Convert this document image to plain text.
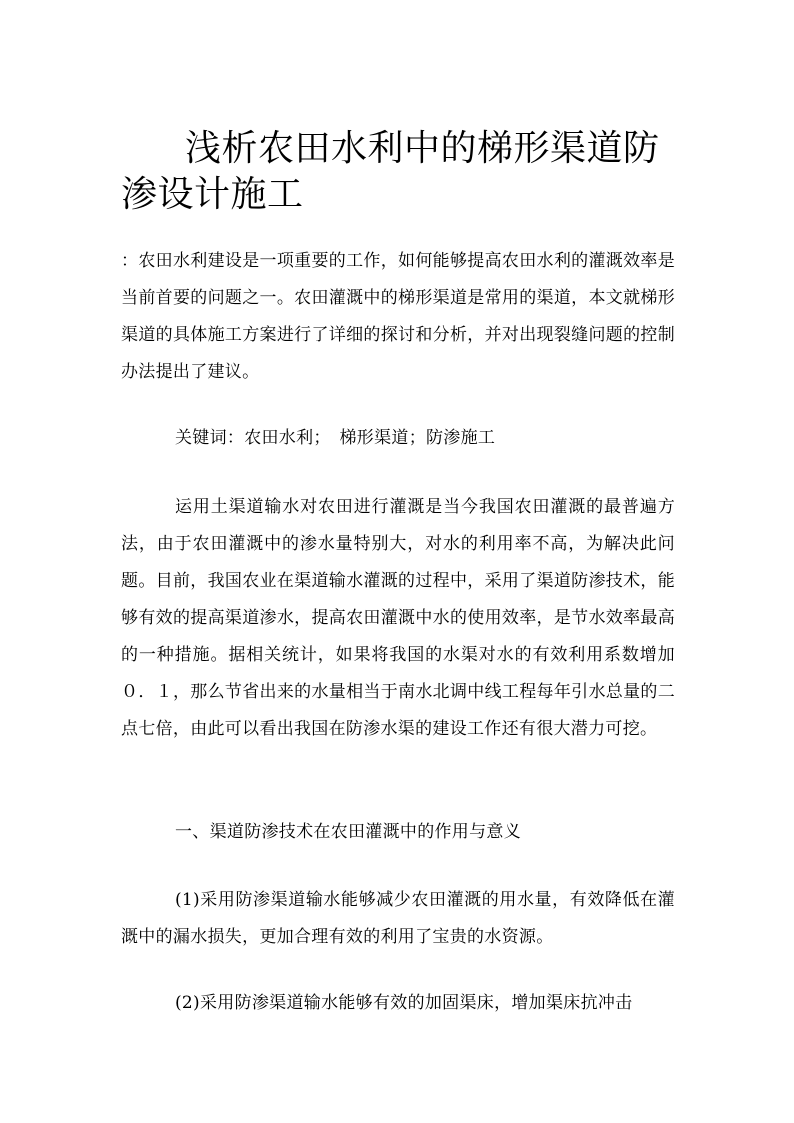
浅析农田水利中的梯形渠道防渗设计施工

：农田水利建设是一项重要的工作，如何能够提高农田水利的灌溉效率是当前首要的问题之一。农田灌溉中的梯形渠道是常用的渠道，本文就梯形渠道的具体施工方案进行了详细的探讨和分析，并对出现裂缝问题的控制办法提出了建议。

关键词：农田水利；　梯形渠道；防渗施工

运用土渠道输水对农田进行灌溉是当今我国农田灌溉的最普遍方法，由于农田灌溉中的渗水量特别大，对水的利用率不高，为解决此问题。目前，我国农业在渠道输水灌溉的过程中，采用了渠道防渗技术，能够有效的提高渠道渗水，提高农田灌溉中水的使用效率，是节水效率最高的一种措施。据相关统计，如果将我国的水渠对水的有效利用系数增加０．１，那么节省出来的水量相当于南水北调中线工程每年引水总量的二点七倍，由此可以看出我国在防渗水渠的建设工作还有很大潜力可挖。

一、渠道防渗技术在农田灌溉中的作用与意义

(1)采用防渗渠道输水能够减少农田灌溉的用水量，有效降低在灌溉中的漏水损失，更加合理有效的利用了宝贵的水资源。

(2)采用防渗渠道输水能够有效的加固渠床，增加渠床抗冲击
